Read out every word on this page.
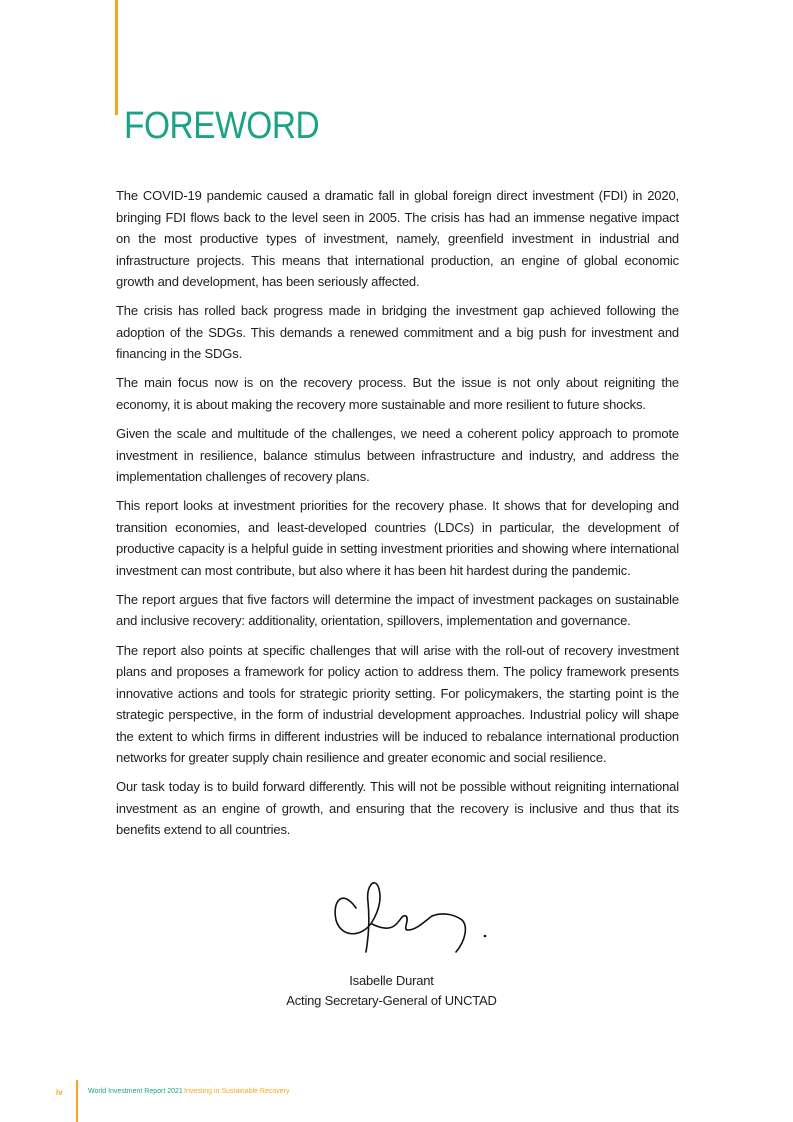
FOREWORD

The COVID-19 pandemic caused a dramatic fall in global foreign direct investment (FDI) in 2020, bringing FDI flows back to the level seen in 2005. The crisis has had an immense negative impact on the most productive types of investment, namely, greenfield investment in industrial and infrastructure projects. This means that international production, an engine of global economic growth and development, has been seriously affected.

The crisis has rolled back progress made in bridging the investment gap achieved following the adoption of the SDGs. This demands a renewed commitment and a big push for investment and financing in the SDGs.

The main focus now is on the recovery process. But the issue is not only about reigniting the economy, it is about making the recovery more sustainable and more resilient to future shocks.

Given the scale and multitude of the challenges, we need a coherent policy approach to promote investment in resilience, balance stimulus between infrastructure and industry, and address the implementation challenges of recovery plans.

This report looks at investment priorities for the recovery phase. It shows that for developing and transition economies, and least-developed countries (LDCs) in particular, the development of productive capacity is a helpful guide in setting investment priorities and showing where international investment can most contribute, but also where it has been hit hardest during the pandemic.

The report argues that five factors will determine the impact of investment packages on sustainable and inclusive recovery: additionality, orientation, spillovers, implementation and governance.

The report also points at specific challenges that will arise with the roll-out of recovery investment plans and proposes a framework for policy action to address them. The policy framework presents innovative actions and tools for strategic priority setting. For policymakers, the starting point is the strategic perspective, in the form of industrial development approaches. Industrial policy will shape the extent to which firms in different industries will be induced to rebalance international production networks for greater supply chain resilience and greater economic and social resilience.

Our task today is to build forward differently. This will not be possible without reigniting international investment as an engine of growth, and ensuring that the recovery is inclusive and thus that its benefits extend to all countries.

Isabelle Durant
Acting Secretary-General of UNCTAD
iv	World Investment Report 2021 Investing in Sustainable Recovery
